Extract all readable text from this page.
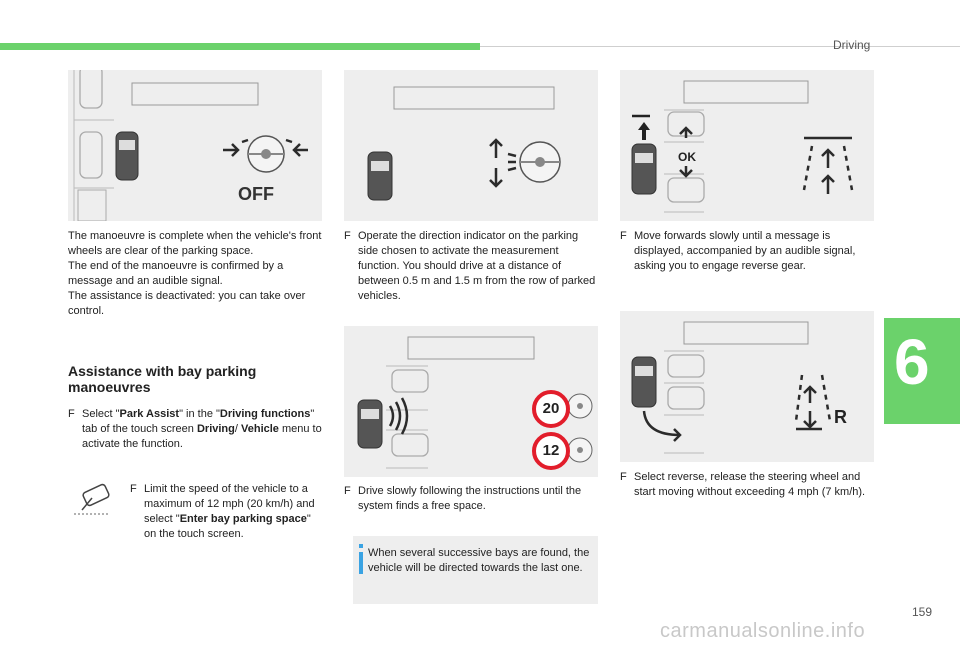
Driving
6
159
carmanualsonline.info
OFF
The manoeuvre is complete when the vehicle's front wheels are clear of the parking space.
The end of the manoeuvre is confirmed by a message and an audible signal.
The assistance is deactivated: you can take over control.
Assistance with bay parking manoeuvres
F Select "Park Assist" in the "Driving functions" tab of the touch screen Driving/ Vehicle menu to activate the function.
F Limit the speed of the vehicle to a maximum of 12 mph (20 km/h) and select "Enter bay parking space" on the touch screen.
F Operate the direction indicator on the parking side chosen to activate the measurement function. You should drive at a distance of between 0.5 m and 1.5 m from the row of parked vehicles.
20
12
F Drive slowly following the instructions until the system finds a free space.
When several successive bays are found, the vehicle will be directed towards the last one.
OK
F Move forwards slowly until a message is displayed, accompanied by an audible signal, asking you to engage reverse gear.
R
F Select reverse, release the steering wheel and start moving without exceeding 4 mph (7 km/h).
